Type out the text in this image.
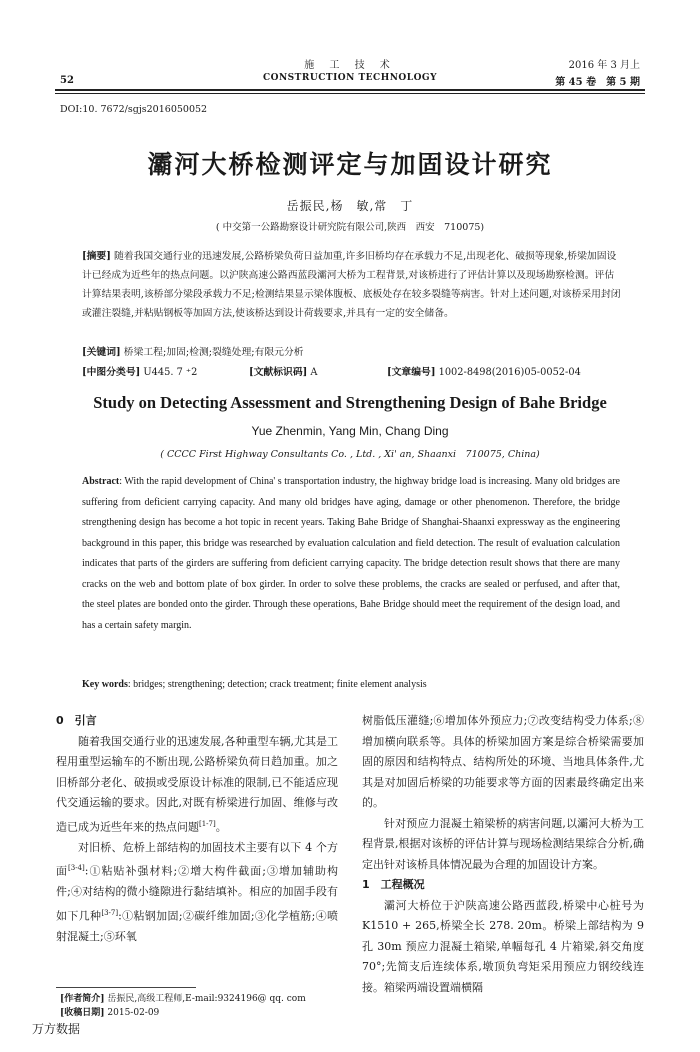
52
施 工 技 术
CONSTRUCTION TECHNOLOGY
2016 年 3 月上
第 45 卷　第 5 期
DOI:10. 7672/sgjs2016050052
灞河大桥检测评定与加固设计研究
岳振民,杨　敏,常　丁
( 中交第一公路勘察设计研究院有限公司,陕西　西安　710075)
[摘要] 随着我国交通行业的迅速发展,公路桥梁负荷日益加重,许多旧桥均存在承载力不足,出现老化、破损等现象,桥梁加固设计已经成为近些年的热点问题。以沪陕高速公路西蓝段灞河大桥为工程背景,对该桥进行了评估计算以及现场勘察检测。评估计算结果表明,该桥部分梁段承载力不足;检测结果显示梁体腹板、底板处存在较多裂缝等病害。针对上述问题,对该桥采用封闭或灌注裂缝,并粘贴钢板等加固方法,使该桥达到设计荷载要求,并具有一定的安全储备。
[关键词] 桥梁工程;加固;检测;裂缝处理;有限元分析
[中图分类号] U445. 7 ⁺2	[文献标识码] A	[文章编号] 1002-8498(2016)05-0052-04
Study on Detecting Assessment and Strengthening Design of Bahe Bridge
Yue Zhenmin, Yang Min, Chang Ding
( CCCC First Highway Consultants Co. , Ltd. , Xi' an, Shaanxi　710075, China)
Abstract: With the rapid development of China' s transportation industry, the highway bridge load is increasing. Many old bridges are suffering from deficient carrying capacity. And many old bridges have aging, damage or other phenomenon. Therefore, the bridge strengthening design has become a hot topic in recent years. Taking Bahe Bridge of Shanghai-Shaanxi expressway as the engineering background in this paper, this bridge was researched by evaluation calculation and field detection. The result of evaluation calculation indicates that parts of the girders are suffering from deficient carrying capacity. The bridge detection result shows that there are many cracks on the web and bottom plate of box girder. In order to solve these problems, the cracks are sealed or perfused, and after that, the steel plates are bonded onto the girder. Through these operations, Bahe Bridge should meet the requirement of the design load, and has a certain safety margin.
Key words: bridges; strengthening; detection; crack treatment; finite element analysis
0　引言
随着我国交通行业的迅速发展,各种重型车辆,尤其是工程用重型运输车的不断出现,公路桥梁负荷日趋加重。加之旧桥部分老化、破损或受原设计标准的限制,已不能适应现代交通运输的要求。因此,对既有桥梁进行加固、维修与改造已成为近些年来的热点问题[1-7]。
对旧桥、危桥上部结构的加固技术主要有以下 4 个方面[3-4]:①粘贴补强材料;②增大构件截面;③增加辅助构件;④对结构的微小缝隙进行黏结填补。相应的加固手段有如下几种[3-7]:①粘钢加固;②碳纤维加固;③化学植筋;④喷射混凝土;⑤环氧
树脂低压灌缝;⑥增加体外预应力;⑦改变结构受力体系;⑧增加横向联系等。具体的桥梁加固方案是综合桥梁需要加固的原因和结构特点、结构所处的环境、当地具体条件,尤其是对加固后桥梁的功能要求等方面的因素最终确定出来的。
针对预应力混凝土箱梁桥的病害问题,以灞河大桥为工程背景,根据对该桥的评估计算与现场检测结果综合分析,确定出针对该桥具体情况最为合理的加固设计方案。
1　工程概况
灞河大桥位于沪陕高速公路西蓝段,桥梁中心桩号为 K1510 + 265,桥梁全长 278. 20m。桥梁上部结构为 9 孔 30m 预应力混凝土箱梁,单幅每孔 4 片箱梁,斜交角度 70°;先简支后连续体系,墩顶负弯矩采用预应力钢绞线连接。箱梁两端设置端横隔
[作者简介] 岳振民,高级工程师,E-mail:9324196@ qq. com
[收稿日期] 2015-02-09
万方数据
